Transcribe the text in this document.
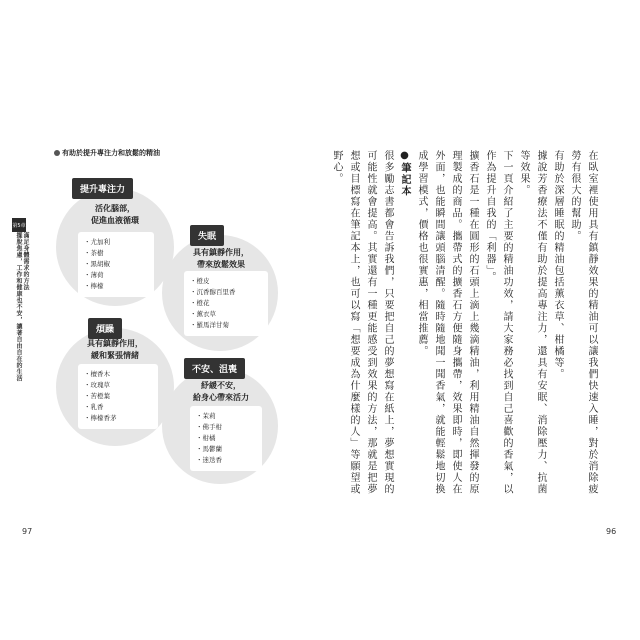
97	96
第5章
擺脫焦慮，工作和健康也不安，讓著自由自在的生活 滿足身體需求的方法
有助於提升專注力和放鬆的精油
提升專注力
活化腦部，
促進血液循環
・ 尤加利
・ 茶樹
・ 黑胡椒
・ 薄荷
・ 檸檬
失眠
具有鎮靜作用，
帶來放鬆效果
・ 橙皮
・ 沉香醇百里香
・ 橙花
・ 薰衣草
・ 羅馬洋甘菊
煩躁
具有鎮靜作用，
緩和緊張情緒
・ 檀香木
・ 玫瑰草
・ 苦橙葉
・ 乳香
・ 檸檬香茅
不安、沮喪
紓緩不安，
給身心帶來活力
・ 茉莉
・ 佛手柑
・ 柑橘
・ 馬鬱蘭
・ 迷迭香	在臥室裡使用具有鎮靜效果的精油可以讓我們快速入睡，對於消除疲勞有很大的幫助。

有助於深層睡眠的精油包括薰衣草、柑橘等。

據說芳香療法不僅有助於提高專注力，還具有安眠、消除壓力、抗菌等效果。

下一頁介紹了主要的精油功效，請大家務必找到自己喜歡的香氣，以作為提升自我的「利器」。

擴香石是一種在圓形的石頭上滴上幾滴精油，利用精油自然揮發的原理製成的商品。攜帶式的擴香石方便隨身攜帶，效果即時，即使人在外面，也能瞬間讓頭腦清醒。隨時隨地聞一聞香氣，就能輕鬆地切換成學習模式，價格也很實惠，相當推薦。

●筆記本

很多勵志書都會告訴我們，只要把自己的夢想寫在紙上，夢想實現的可能性就會提高。其實還有一種更能感受到效果的方法，那就是把夢想或目標寫在筆記本上，也可以寫「想要成為什麼樣的人」等願望或野心。
